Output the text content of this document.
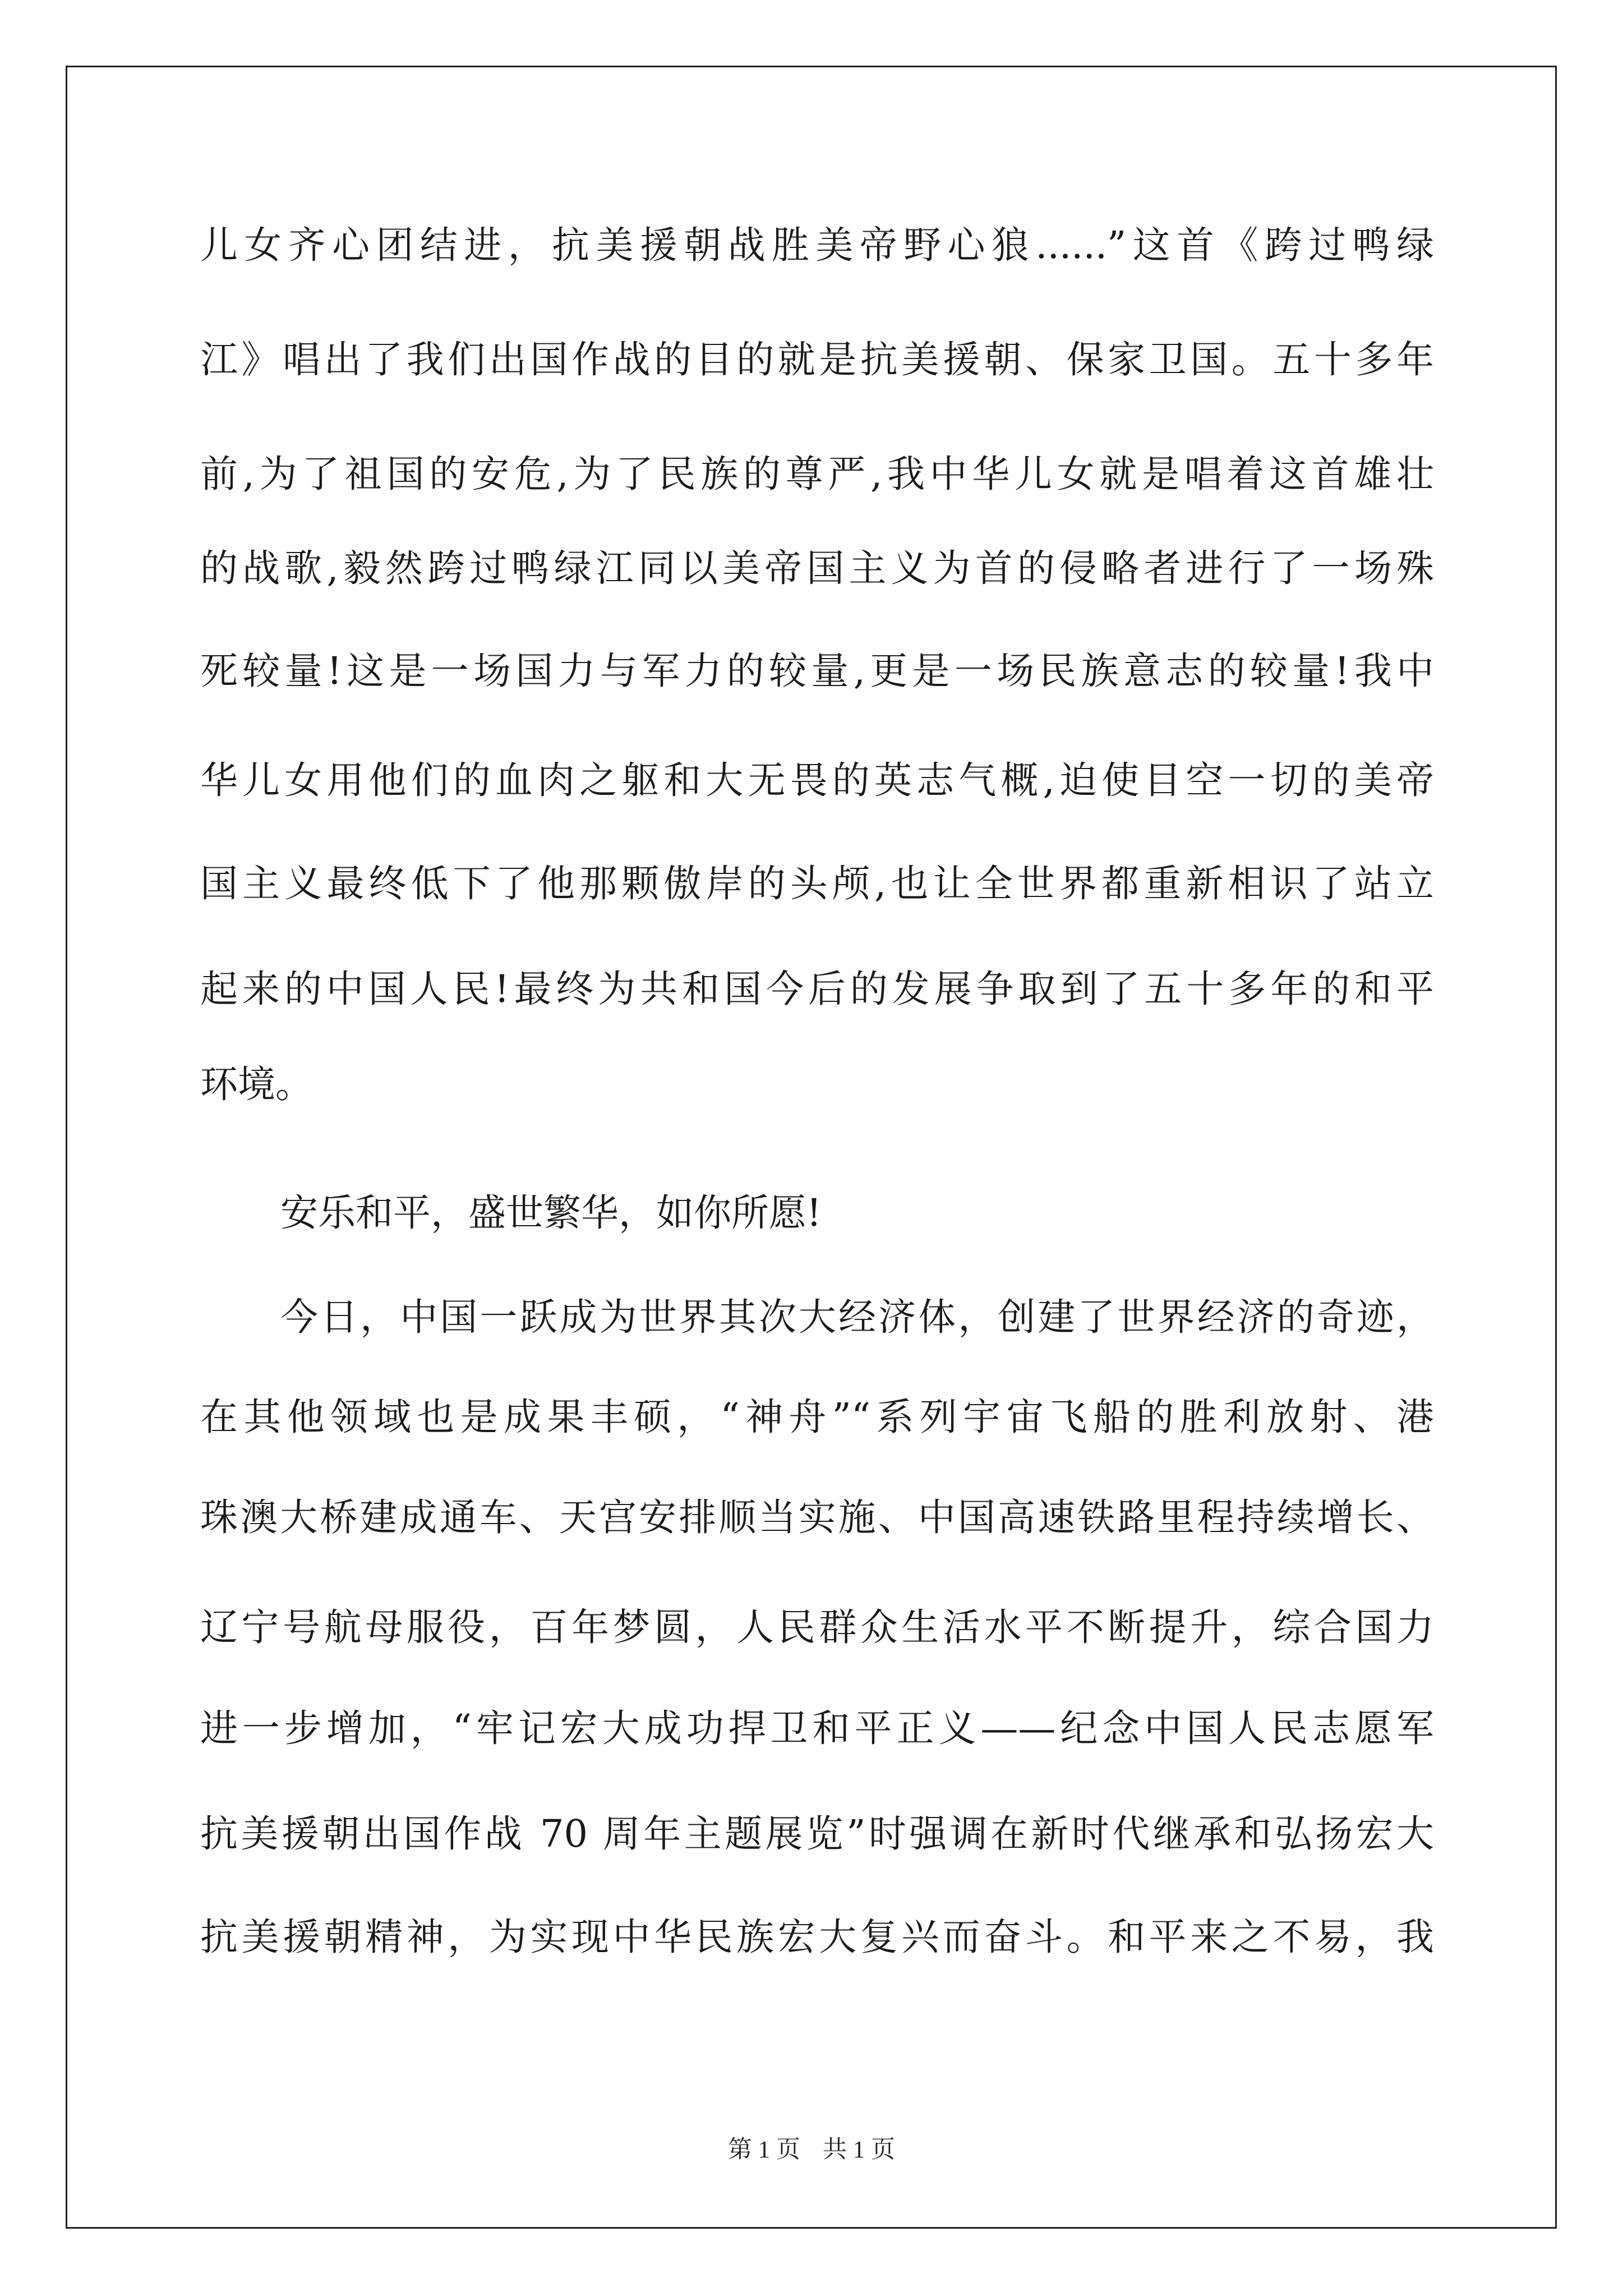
儿女齐心团结进，抗美援朝战胜美帝野心狼......”这首《跨过鸭绿
江》唱出了我们出国作战的目的就是抗美援朝、保家卫国。五十多年
前,为了祖国的安危,为了民族的尊严,我中华儿女就是唱着这首雄壮
的战歌,毅然跨过鸭绿江同以美帝国主义为首的侵略者进行了一场殊
死较量!这是一场国力与军力的较量,更是一场民族意志的较量!我中
华儿女用他们的血肉之躯和大无畏的英志气概,迫使目空一切的美帝
国主义最终低下了他那颗傲岸的头颅,也让全世界都重新相识了站立
起来的中国人民!最终为共和国今后的发展争取到了五十多年的和平
环境。
安乐和平，盛世繁华，如你所愿!
今日，中国一跃成为世界其次大经济体，创建了世界经济的奇迹，
在其他领域也是成果丰硕，“神舟”“系列宇宙飞船的胜利放射、港
珠澳大桥建成通车、天宫安排顺当实施、中国高速铁路里程持续增长、
辽宁号航母服役，百年梦圆，人民群众生活水平不断提升，综合国力
进一步增加，“牢记宏大成功捍卫和平正义——纪念中国人民志愿军
抗美援朝出国作战 70 周年主题展览”时强调在新时代继承和弘扬宏大
抗美援朝精神，为实现中华民族宏大复兴而奋斗。和平来之不易，我
第 1 页 共 1 页
